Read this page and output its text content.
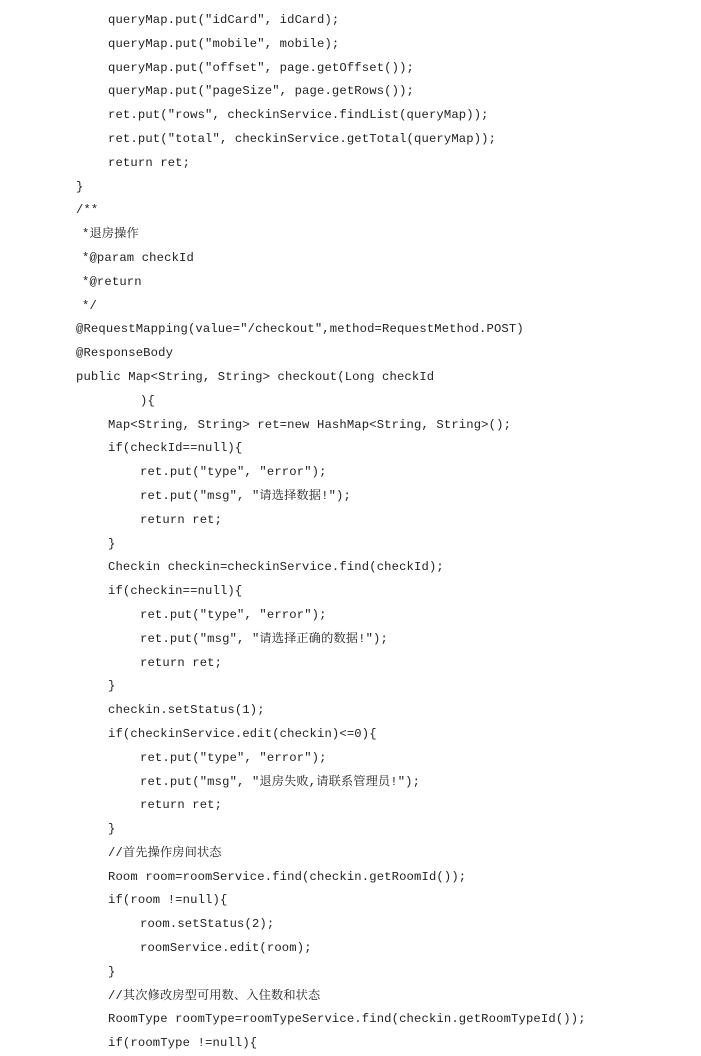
queryMap.put("idCard", idCard);
queryMap.put("mobile", mobile);
queryMap.put("offset", page.getOffset());
queryMap.put("pageSize", page.getRows());
ret.put("rows", checkinService.findList(queryMap));
ret.put("total", checkinService.getTotal(queryMap));
return ret;
}
/**
*退房操作
*@param checkId
*@return
*/
@RequestMapping(value="/checkout",method=RequestMethod.POST)
@ResponseBody
public Map<String, String> checkout(Long checkId
){
Map<String, String> ret=new HashMap<String, String>();
if(checkId==null){
ret.put("type", "error");
ret.put("msg", "请选择数据!");
return ret;
}
Checkin checkin=checkinService.find(checkId);
if(checkin==null){
ret.put("type", "error");
ret.put("msg", "请选择正确的数据!");
return ret;
}
checkin.setStatus(1);
if(checkinService.edit(checkin)<=0){
ret.put("type", "error");
ret.put("msg", "退房失败,请联系管理员!");
return ret;
}
//首先操作房间状态
Room room=roomService.find(checkin.getRoomId());
if(room !=null){
room.setStatus(2);
roomService.edit(room);
}
//其次修改房型可用数、入住数和状态
RoomType roomType=roomTypeService.find(checkin.getRoomTypeId());
if(roomType !=null){
